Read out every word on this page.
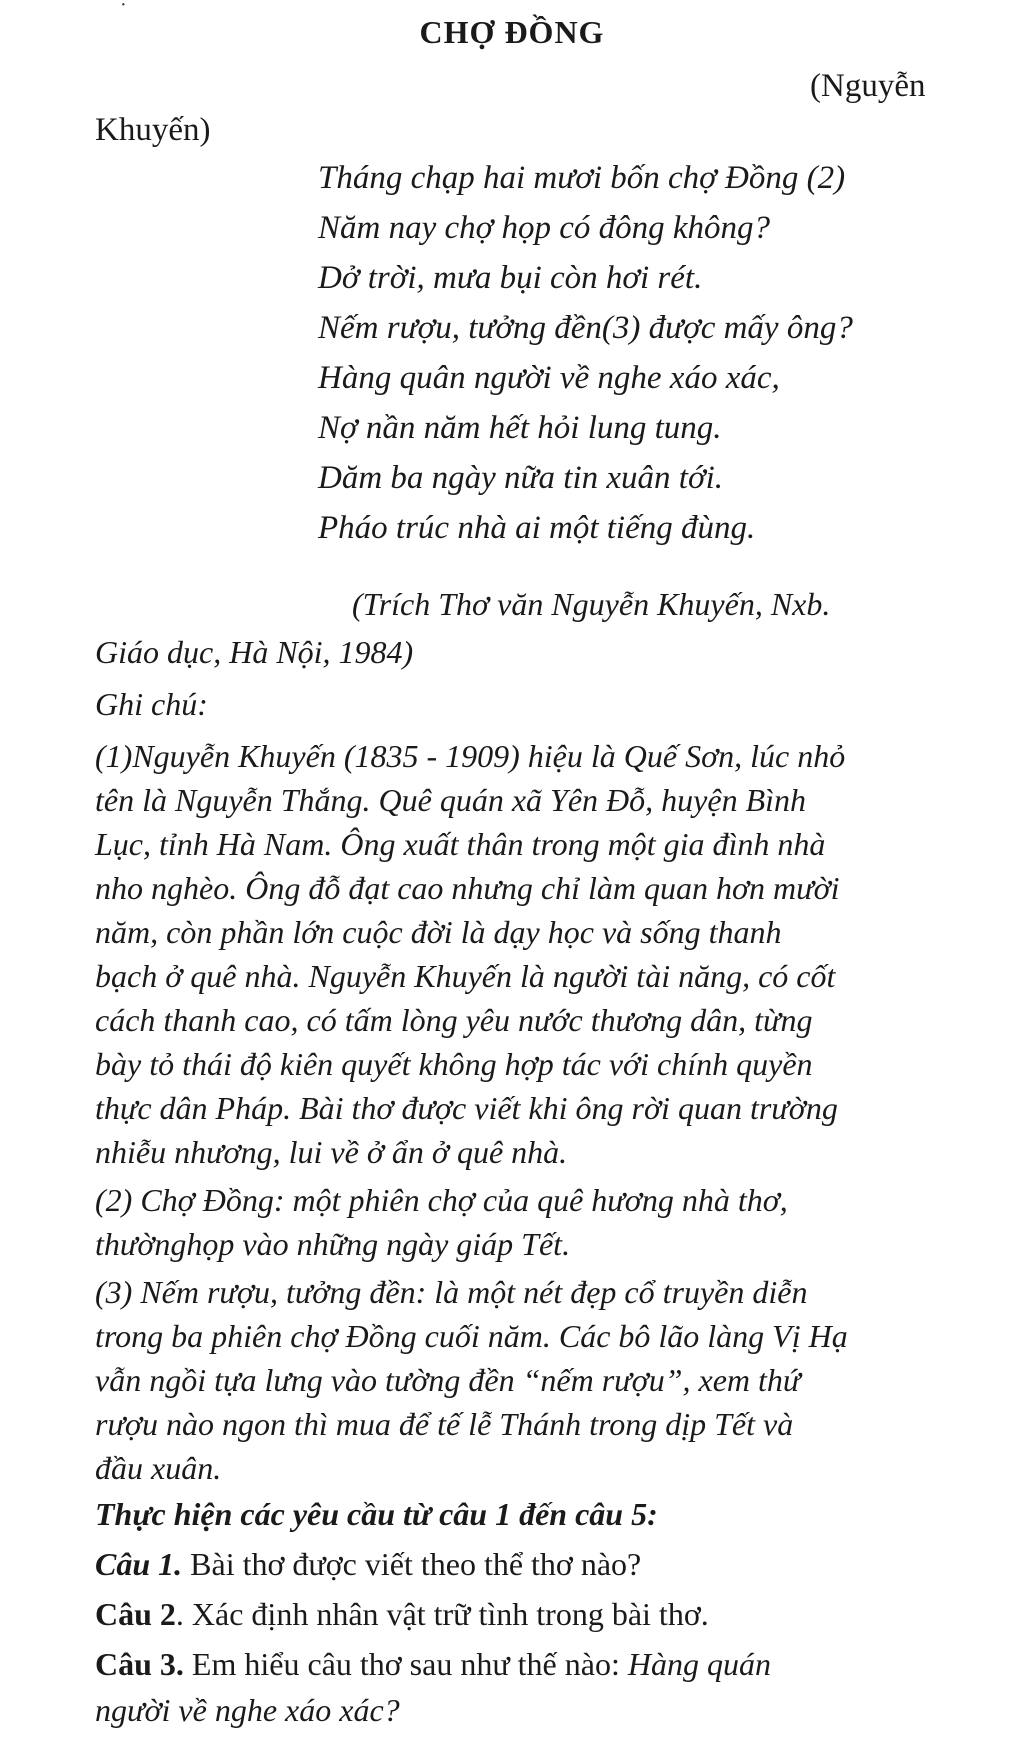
·
CHỢ ĐỒNG
(Nguyễn
Khuyến)
Tháng chạp hai mươi bốn chợ Đồng (2)
Năm nay chợ họp có đông không?
Dở trời, mưa bụi còn hơi rét.
Nếm rượu, tưởng đền(3) được mấy ông?
Hàng quân người về nghe xáo xác,
Nợ nần năm hết hỏi lung tung.
Dăm ba ngày nữa tin xuân tới.
Pháo trúc nhà ai một tiếng đùng.
(Trích Thơ văn Nguyễn Khuyến, Nxb.
Giáo dục, Hà Nội, 1984)
Ghi chú:
(1)Nguyễn Khuyến (1835 - 1909) hiệu là Quế Sơn, lúc nhỏ
tên là Nguyễn Thắng. Quê quán xã Yên Đỗ, huyện Bình
Lục, tỉnh Hà Nam. Ông xuất thân trong một gia đình nhà
nho nghèo. Ông đỗ đạt cao nhưng chỉ làm quan hơn mười
năm, còn phần lớn cuộc đời là dạy học và sống thanh
bạch ở quê nhà. Nguyễn Khuyến là người tài năng, có cốt
cách thanh cao, có tấm lòng yêu nước thương dân, từng
bày tỏ thái độ kiên quyết không hợp tác với chính quyền
thực dân Pháp. Bài thơ được viết khi ông rời quan trường
nhiễu nhương, lui về ở ẩn ở quê nhà.
(2) Chợ Đồng: một phiên chợ của quê hương nhà thơ,
thườnghọp vào những ngày giáp Tết.
(3) Nếm rượu, tưởng đền: là một nét đẹp cổ truyền diễn
trong ba phiên chợ Đồng cuối năm. Các bô lão làng Vị Hạ
vẫn ngồi tựa lưng vào tường đền “nếm rượu”, xem thứ
rượu nào ngon thì mua để tế lễ Thánh trong dịp Tết và
đầu xuân.
Thực hiện các yêu cầu từ câu 1 đến câu 5:
Câu 1. Bài thơ được viết theo thể thơ nào?
Câu 2. Xác định nhân vật trữ tình trong bài thơ.
Câu 3. Em hiểu câu thơ sau như thế nào: Hàng quán
người về nghe xáo xác?
